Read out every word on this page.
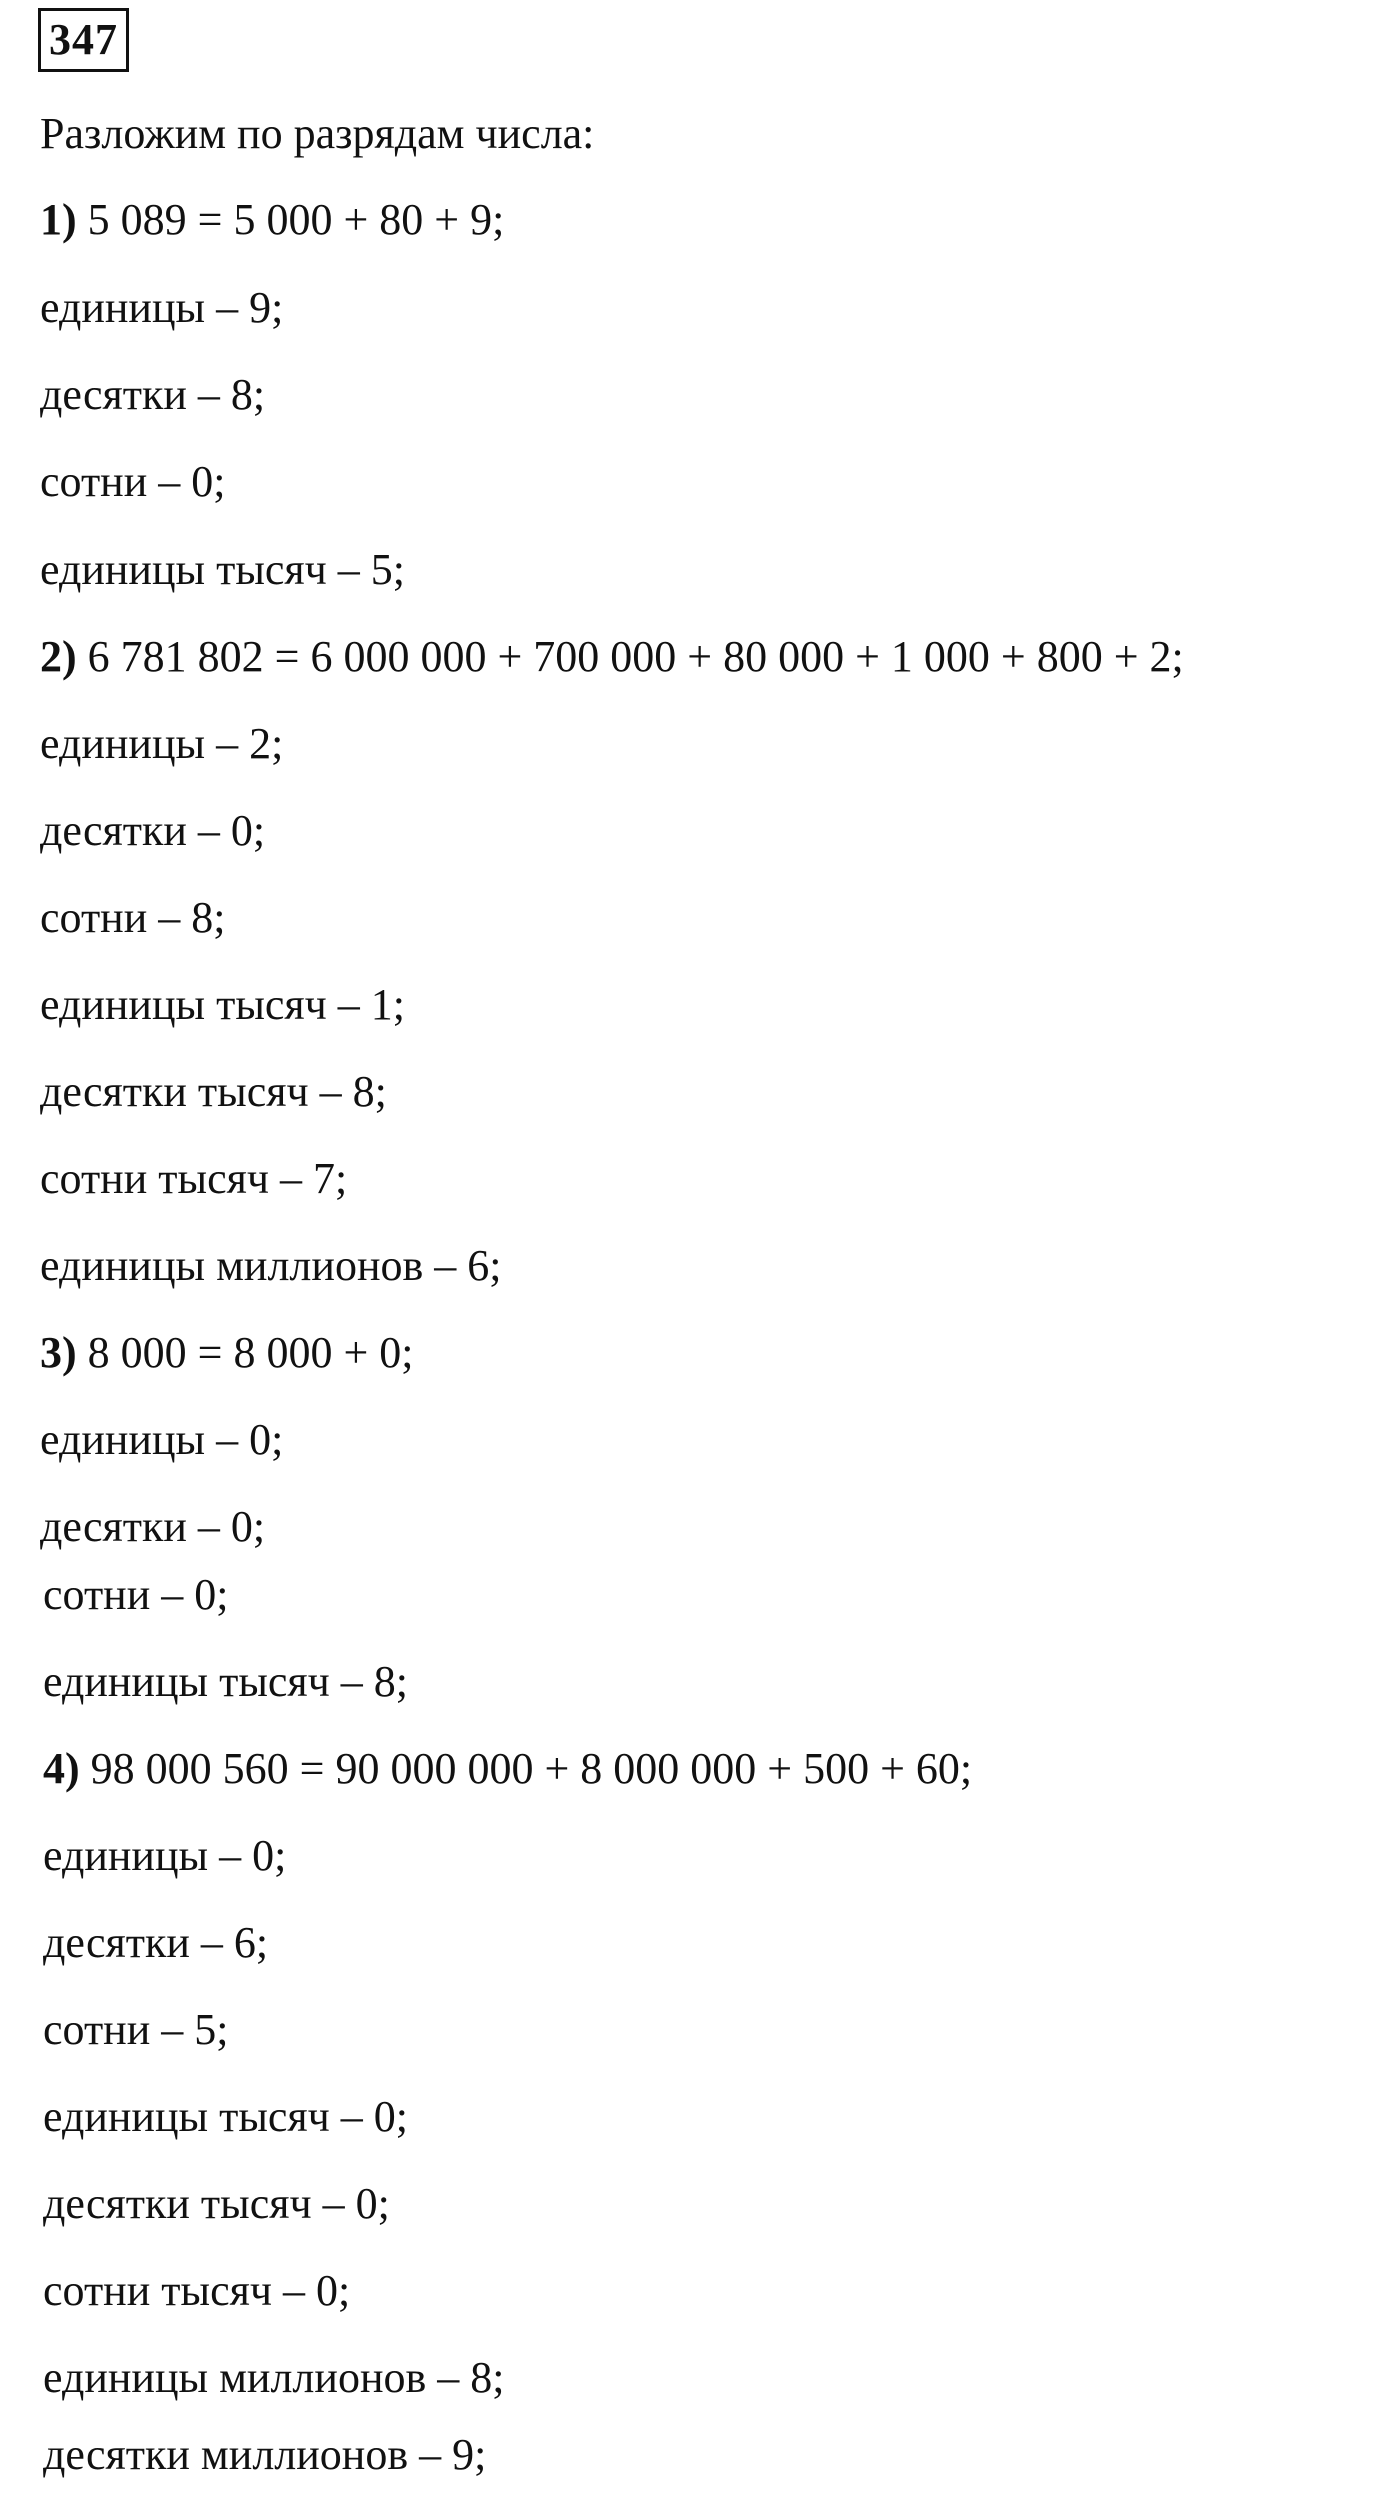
347
Разложим по разрядам числа:
1) 5 089 = 5 000 + 80 + 9;
единицы – 9;
десятки – 8;
сотни – 0;
единицы тысяч – 5;
2) 6 781 802 = 6 000 000 + 700 000 + 80 000 + 1 000 + 800 + 2;
единицы – 2;
десятки – 0;
сотни – 8;
единицы тысяч – 1;
десятки тысяч – 8;
сотни тысяч – 7;
единицы миллионов – 6;
3) 8 000 = 8 000 + 0;
единицы – 0;
десятки – 0;
сотни – 0;
единицы тысяч – 8;
4) 98 000 560 = 90 000 000 + 8 000 000 + 500 + 60;
единицы – 0;
десятки – 6;
сотни – 5;
единицы тысяч – 0;
десятки тысяч – 0;
сотни тысяч – 0;
единицы миллионов – 8;
десятки миллионов – 9;
